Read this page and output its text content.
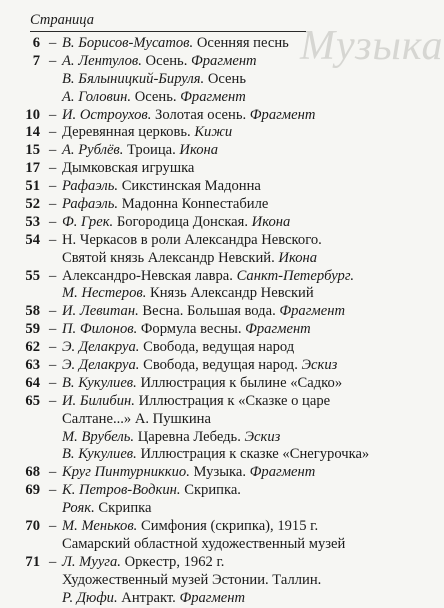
Музыка
Страница
6 – В. Борисов-Мусатов. Осенняя песнь
7 – А. Лентулов. Осень. Фрагмент
В. Бялыницкий-Бируля. Осень
А. Головин. Осень. Фрагмент
10 – И. Остроухов. Золотая осень. Фрагмент
14 – Деревянная церковь. Кижи
15 – А. Рублёв. Троица. Икона
17 – Дымковская игрушка
51 – Рафаэль. Сикстинская Мадонна
52 – Рафаэль. Мадонна Конnестабиле
53 – Ф. Грек. Богородица Донская. Икона
54 – Н. Черкасов в роли Александра Невского.
Святой князь Александр Невский. Икона
55 – Александро-Невская лавра. Санкт-Петербург.
М. Нестеров. Князь Александр Невский
58 – И. Левитан. Весна. Большая вода. Фрагмент
59 – П. Филонов. Формула весны. Фрагмент
62 – Э. Делакруа. Свобода, ведущая народ
63 – Э. Делакруа. Свобода, ведущая народ. Эскиз
64 – В. Кукулиев. Иллюстрация к былине «Садко»
65 – И. Билибин. Иллюстрация к «Сказке о царе
Салтане...» А. Пушкина
М. Врубель. Царевна Лебедь. Эскиз
В. Кукулиев. Иллюстрация к сказке «Снегурочка»
68 – Круг Пинтурниккио. Музыка. Фрагмент
69 – К. Петров-Водкин. Скрипка.
Рояк. Скрипка
70 – М. Меньков. Симфония (скрипка), 1915 г.
Самарский областной художественный музей
71 – Л. Мууга. Оркестр, 1962 г.
Художественный музей Эстонии. Таллин.
Р. Дюфи. Антракт. Фрагмент
